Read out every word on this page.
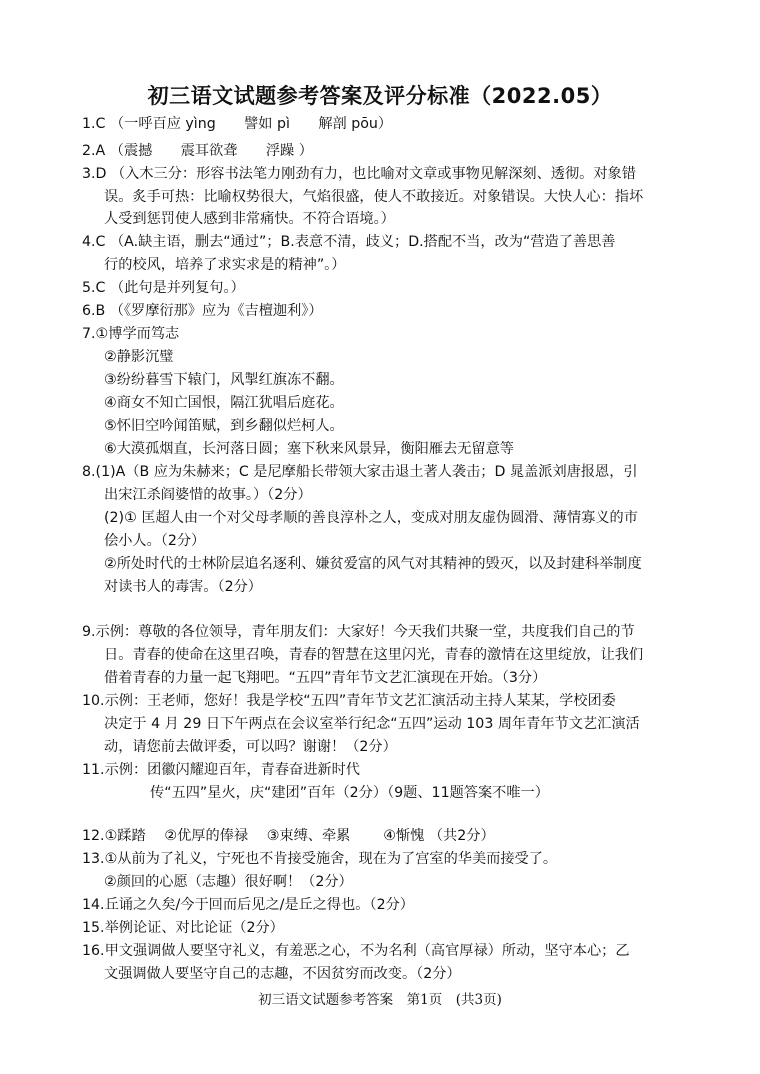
初三语文试题参考答案及评分标准（2022.05）
1.C （一呼百应 yìng　　譬如 pì　　解剖 pōu）
2.A （震撼　　震耳欲聋　　浮躁 ）
3.D （入木三分：形容书法笔力刚劲有力，也比喻对文章或事物见解深刻、透彻。对象错
误。炙手可热：比喻权势很大，气焰很盛，使人不敢接近。对象错误。大快人心：指坏
人受到惩罚使人感到非常痛快。不符合语境。）
4.C （A.缺主语，删去“通过”；B.表意不清，歧义；D.搭配不当，改为“营造了善思善
行的校风，培养了求实求是的精神”。）
5.C （此句是并列复句。）
6.B （《罗摩衍那》应为《吉檀迦利》）
7.①博学而笃志
②静影沉璧
③纷纷暮雪下辕门，风掣红旗冻不翻。
④商女不知亡国恨，隔江犹唱后庭花。
⑤怀旧空吟闻笛赋，到乡翻似烂柯人。
⑥大漠孤烟直，长河落日圆；塞下秋来风景异，衡阳雁去无留意等
8.(1)A（B 应为朱赫来；C 是尼摩船长带领大家击退土著人袭击；D 晁盖派刘唐报恩，引
出宋江杀阎婆惜的故事。）（2分）
(2)① 匡超人由一个对父母孝顺的善良淳朴之人，变成对朋友虚伪圆滑、薄情寡义的市
侩小人。（2分）
②所处时代的士林阶层追名逐利、嫌贫爱富的风气对其精神的毁灭，以及封建科举制度
对读书人的毒害。（2分）
9.示例：尊敬的各位领导，青年朋友们：大家好！今天我们共聚一堂，共度我们自己的节
日。青春的使命在这里召唤，青春的智慧在这里闪光，青春的激情在这里绽放，让我们
借着青春的力量一起飞翔吧。“五四”青年节文艺汇演现在开始。（3分）
10.示例：王老师，您好！我是学校“五四”青年节文艺汇演活动主持人某某，学校团委
决定于 4 月 29 日下午两点在会议室举行纪念“五四”运动 103 周年青年节文艺汇演活
动，请您前去做评委，可以吗？谢谢！（2分）
11.示例：团徽闪耀迎百年，青春奋进新时代
传“五四”星火，庆“建团”百年（2分）（9题、11题答案不唯一）
12.①蹂踏　 ②优厚的俸禄　 ③束缚、牵累　　 ④惭愧 （共2分）
13.①从前为了礼义，宁死也不肯接受施舍，现在为了宫室的华美而接受了。
②颜回的心愿（志趣）很好啊！（2分）
14.丘诵之久矣/今于回而后见之/是丘之得也。（2分）
15.举例论证、对比论证（2分）
16.甲文强调做人要坚守礼义，有羞恶之心，不为名利（高官厚禄）所动，坚守本心；乙
文强调做人要坚守自己的志趣，不因贫穷而改变。（2分）
初三语文试题参考答案　第1页　(共3页)
